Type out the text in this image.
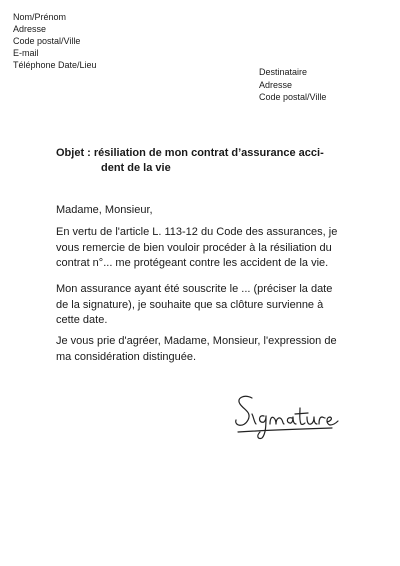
Nom/Prénom
Adresse
Code postal/Ville
E-mail
Téléphone Date/Lieu
Destinataire
Adresse
Code postal/Ville
Objet : résiliation de mon contrat d’assurance acci-
dent de la vie
Madame, Monsieur,
En vertu de l'article L. 113-12 du Code des assurances, je
vous remercie de bien vouloir procéder à la résiliation du
contrat n°... me protégeant contre les accident de la vie.
Mon assurance ayant été souscrite le ... (préciser la date
de la signature), je souhaite que sa clôture survienne à
cette date.
Je vous prie d'agréer, Madame, Monsieur, l'expression de
ma considération distinguée.
